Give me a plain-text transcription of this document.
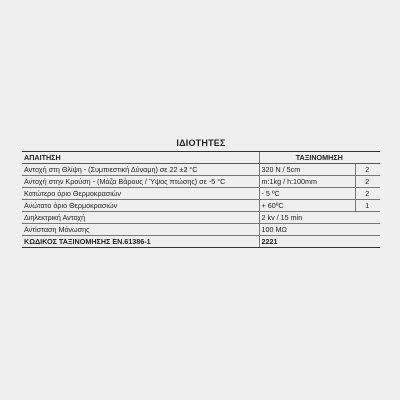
ΙΔΙΟΤΗΤΕΣ
ΑΠΑΙΤΗΣΗ	ΤΑΞΙΝΟΜΗΣΗ	
Αντοχή στη Θλίψη - (Συμπιεστική Δύναμη) σε 22 ±2 °C	320 N / 5cm	2
Αντοχή στην Κρούση - (Μάζα Βάρους / Ύψος πτώσης) σε -5 °C	m:1kg / h:100mm	2
Κατώτερο όριο Θερμοκρασιών	- 5 ºC	2
Ανώτατο όριο Θερμοκρασιών	+ 60ºC	1
Διηλεκτρική Αντοχή	2 kv / 15 min	
Αντίσταση Μόνωσης	100 MΩ	
ΚΩΔΙΚΟΣ ΤΑΞΙΝΟΜΗΣΗΣ EN.61386-1	2221	
